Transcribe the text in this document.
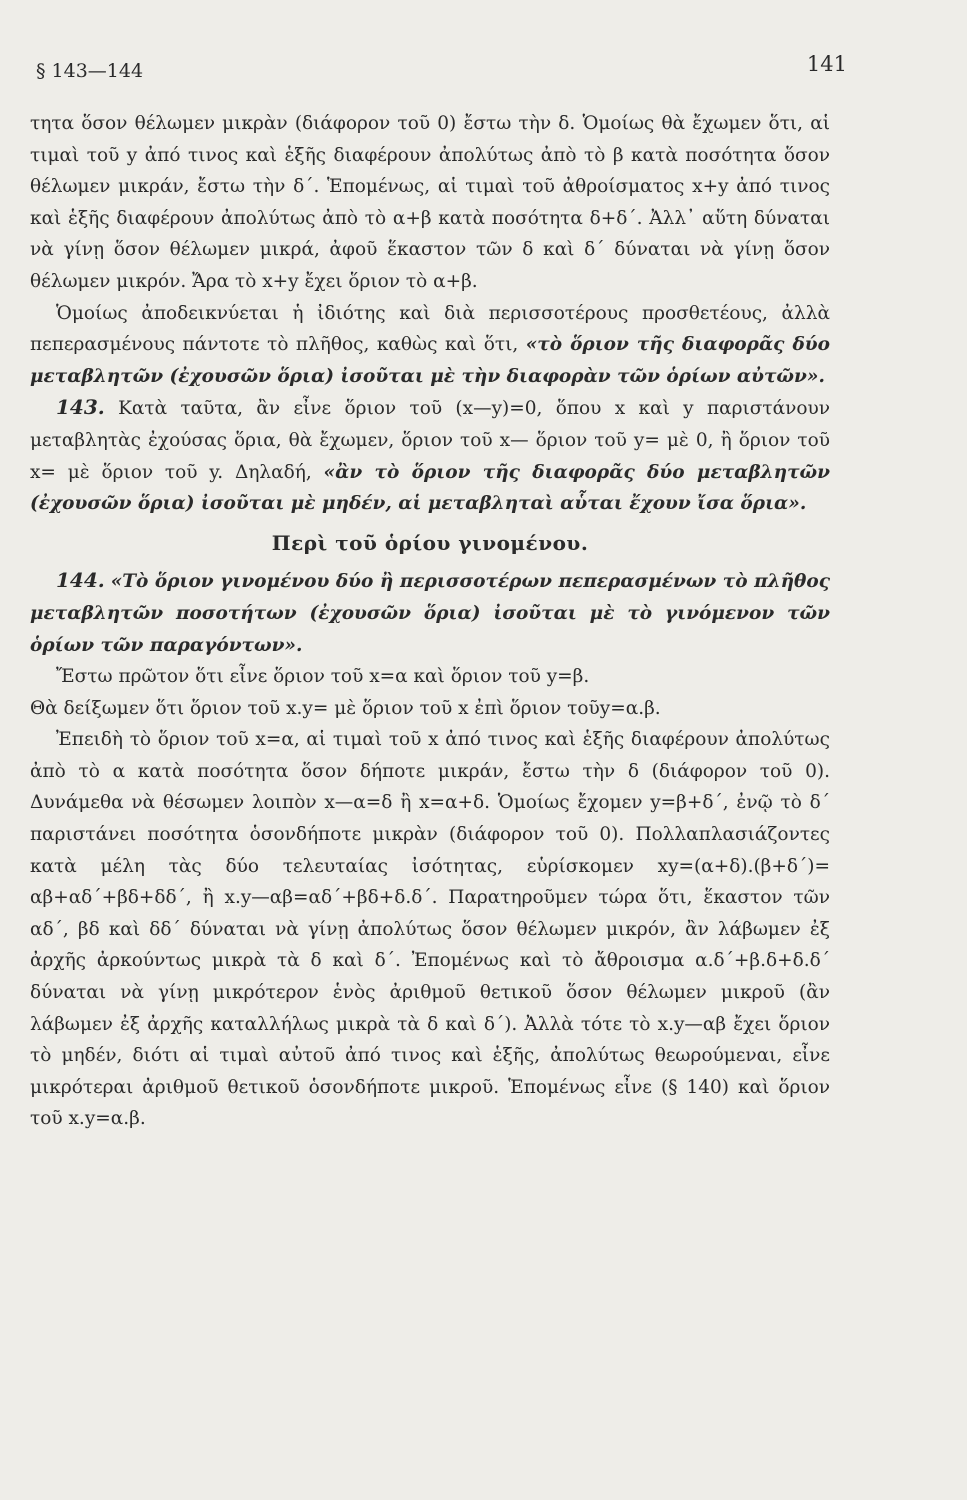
§ 143—144	141

τητα ὅσον θέλωμεν μικρὰν (διάφορον τοῦ 0) ἔστω τὴν δ. Ὁμοίως θὰ ἔχωμεν ὅτι, αἱ τιμαὶ τοῦ y ἀπό τινος καὶ ἑξῆς διαφέρουν ἀπολύτως ἀπὸ τὸ β κατὰ ποσότητα ὅσον θέλωμεν μικράν, ἔστω τὴν δ΄. Ἑπομένως, αἱ τιμαὶ τοῦ ἀθροίσματος x+y ἀπό τινος καὶ ἑξῆς διαφέρουν ἀπολύτως ἀπὸ τὸ α+β κατὰ ποσότητα δ+δ΄. Ἀλλ᾽ αὕτη δύναται νὰ γίνῃ ὅσον θέλωμεν μικρά, ἀφοῦ ἕκαστον τῶν δ καὶ δ΄ δύναται νὰ γίνῃ ὅσον θέλωμεν μικρόν. Ἄρα τὸ x+y ἔχει ὅριον τὸ α+β.

Ὁμοίως ἀποδεικνύεται ἡ ἰδιότης καὶ διὰ περισσοτέρους προσθετέους, ἀλλὰ πεπερασμένους πάντοτε τὸ πλῆθος, καθὼς καὶ ὅτι, «τὸ ὅριον τῆς διαφορᾶς δύο μεταβλητῶν (ἐχουσῶν ὅρια) ἰσοῦται μὲ τὴν διαφορὰν τῶν ὁρίων αὐτῶν».

143. Κατὰ ταῦτα, ἂν εἶνε ὅριον τοῦ (x—y)=0, ὅπου x καὶ y παριστάνουν μεταβλητὰς ἐχούσας ὅρια, θὰ ἔχωμεν, ὅριον τοῦ x— ὅριον τοῦ y= μὲ 0, ἢ ὅριον τοῦ x= μὲ ὅριον τοῦ y. Δηλαδή, «ἂν τὸ ὅριον τῆς διαφορᾶς δύο μεταβλητῶν (ἐχουσῶν ὅρια) ἰσοῦται μὲ μηδέν, αἱ μεταβληταὶ αὗται ἔχουν ἴσα ὅρια».

Περὶ τοῦ ὁρίου γινομένου.

144. «Τὸ ὅριον γινομένου δύο ἢ περισσοτέρων πεπερασμένων τὸ πλῆθος μεταβλητῶν ποσοτήτων (ἐχουσῶν ὅρια) ἰσοῦται μὲ τὸ γινόμενον τῶν ὁρίων τῶν παραγόντων».

Ἔστω πρῶτον ὅτι εἶνε ὅριον τοῦ x=α καὶ ὅριον τοῦ y=β.

Θὰ δείξωμεν ὅτι ὅριον τοῦ x.y= μὲ ὅριον τοῦ x ἐπὶ ὅριον τοῦy=α.β.

Ἐπειδὴ τὸ ὅριον τοῦ x=α, αἱ τιμαὶ τοῦ x ἀπό τινος καὶ ἑξῆς διαφέρουν ἀπολύτως ἀπὸ τὸ α κατὰ ποσότητα ὅσον δήποτε μικράν, ἔστω τὴν δ (διάφορον τοῦ 0). Δυνάμεθα νὰ θέσωμεν λοιπὸν x—α=δ ἢ x=α+δ. Ὁμοίως ἔχομεν y=β+δ΄, ἐνῷ τὸ δ΄ παριστάνει ποσότητα ὁσονδήποτε μικρὰν (διάφορον τοῦ 0). Πολλαπλασιάζοντες κατὰ μέλη τὰς δύο τελευταίας ἰσότητας, εὑρίσκομεν xy=(α+δ).(β+δ΄)= αβ+αδ΄+βδ+δδ΄, ἢ x.y—αβ=αδ΄+βδ+δ.δ΄. Παρατηροῦμεν τώρα ὅτι, ἕκαστον τῶν αδ΄, βδ καὶ δδ΄ δύναται νὰ γίνῃ ἀπολύτως ὅσον θέλωμεν μικρόν, ἂν λάβωμεν ἐξ ἀρχῆς ἀρκούντως μικρὰ τὰ δ καὶ δ΄. Ἐπομένως καὶ τὸ ἄθροισμα α.δ΄+β.δ+δ.δ΄ δύναται νὰ γίνῃ μικρότερον ἑνὸς ἀριθμοῦ θετικοῦ ὅσον θέλωμεν μικροῦ (ἂν λάβωμεν ἐξ ἀρχῆς καταλλήλως μικρὰ τὰ δ καὶ δ΄). Ἀλλὰ τότε τὸ x.y—αβ ἔχει ὅριον τὸ μηδέν, διότι αἱ τιμαὶ αὐτοῦ ἀπό τινος καὶ ἑξῆς, ἀπολύτως θεωρούμεναι, εἶνε μικρότεραι ἀριθμοῦ θετικοῦ ὁσονδήποτε μικροῦ. Ἑπομένως εἶνε (§ 140) καὶ ὅριον τοῦ x.y=α.β.
